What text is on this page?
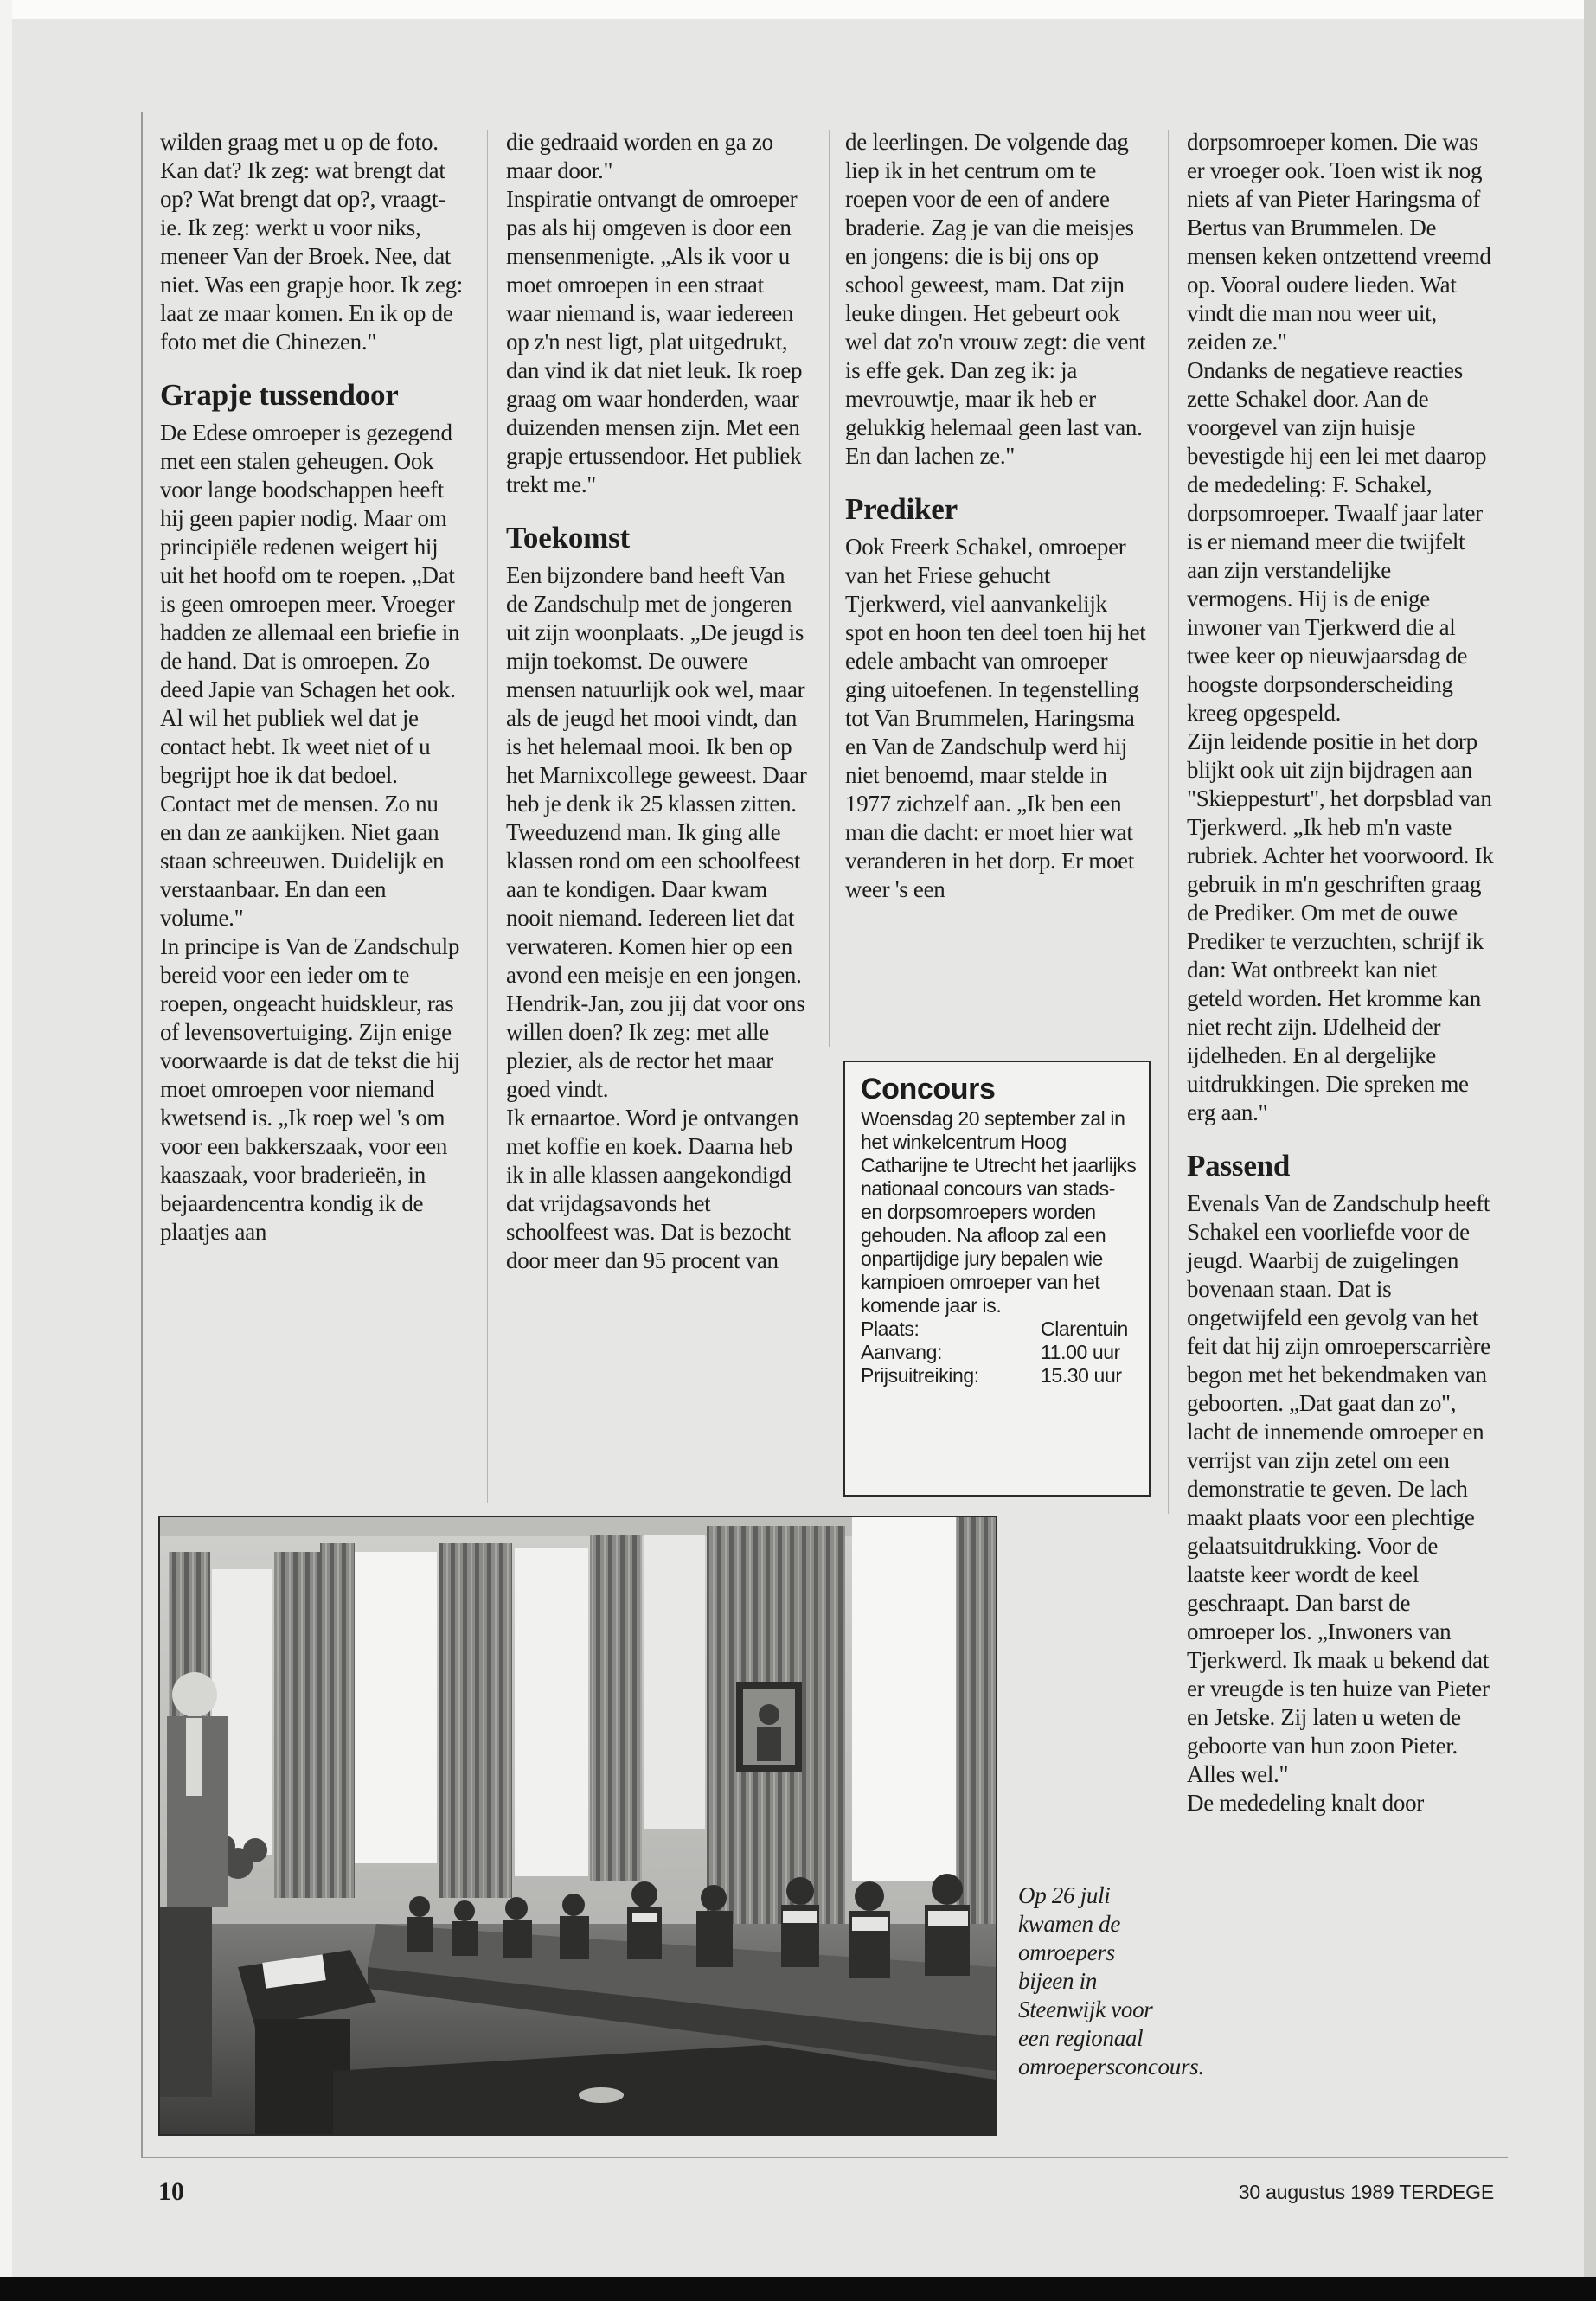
wilden graag met u op de foto. Kan dat? Ik zeg: wat brengt dat op? Wat brengt dat op?, vraagt-ie. Ik zeg: werkt u voor niks, meneer Van der Broek. Nee, dat niet. Was een grapje hoor. Ik zeg: laat ze maar komen. En ik op de foto met die Chinezen."

Grapje tussendoor

De Edese omroeper is gezegend met een stalen geheugen. Ook voor lange boodschappen heeft hij geen papier nodig. Maar om principiële redenen weigert hij uit het hoofd om te roepen. „Dat is geen omroepen meer. Vroeger hadden ze allemaal een briefie in de hand. Dat is omroepen. Zo deed Japie van Schagen het ook. Al wil het publiek wel dat je contact hebt. Ik weet niet of u begrijpt hoe ik dat bedoel. Contact met de mensen. Zo nu en dan ze aankijken. Niet gaan staan schreeuwen. Duidelijk en verstaanbaar. En dan een volume."

In principe is Van de Zandschulp bereid voor een ieder om te roepen, ongeacht huidskleur, ras of levensovertuiging. Zijn enige voorwaarde is dat de tekst die hij moet omroepen voor niemand kwetsend is. „Ik roep wel 's om voor een bakkerszaak, voor een kaaszaak, voor braderieën, in bejaardencentra kondig ik de plaatjes aan

die gedraaid worden en ga zo maar door."

Inspiratie ontvangt de omroeper pas als hij omgeven is door een mensenmenigte. „Als ik voor u moet omroepen in een straat waar niemand is, waar iedereen op z'n nest ligt, plat uitgedrukt, dan vind ik dat niet leuk. Ik roep graag om waar honderden, waar duizenden mensen zijn. Met een grapje ertussendoor. Het publiek trekt me."

Toekomst

Een bijzondere band heeft Van de Zandschulp met de jongeren uit zijn woonplaats. „De jeugd is mijn toekomst. De ouwere mensen natuurlijk ook wel, maar als de jeugd het mooi vindt, dan is het helemaal mooi. Ik ben op het Marnixcollege geweest. Daar heb je denk ik 25 klassen zitten. Tweeduzend man. Ik ging alle klassen rond om een schoolfeest aan te kondigen. Daar kwam nooit niemand. Iedereen liet dat verwateren. Komen hier op een avond een meisje en een jongen. Hendrik-Jan, zou jij dat voor ons willen doen? Ik zeg: met alle plezier, als de rector het maar goed vindt.

Ik ernaartoe. Word je ontvangen met koffie en koek. Daarna heb ik in alle klassen aangekondigd dat vrijdagsavonds het schoolfeest was. Dat is bezocht door meer dan 95 procent van

de leerlingen. De volgende dag liep ik in het centrum om te roepen voor de een of andere braderie. Zag je van die meisjes en jongens: die is bij ons op school geweest, mam. Dat zijn leuke dingen. Het gebeurt ook wel dat zo'n vrouw zegt: die vent is effe gek. Dan zeg ik: ja mevrouwtje, maar ik heb er gelukkig helemaal geen last van. En dan lachen ze."

Prediker

Ook Freerk Schakel, omroeper van het Friese gehucht Tjerkwerd, viel aanvankelijk spot en hoon ten deel toen hij het edele ambacht van omroeper ging uitoefenen. In tegenstelling tot Van Brummelen, Haringsma en Van de Zandschulp werd hij niet benoemd, maar stelde in 1977 zichzelf aan. „Ik ben een man die dacht: er moet hier wat veranderen in het dorp. Er moet weer 's een

Concours

Woensdag 20 september zal in het winkelcentrum Hoog Catharijne te Utrecht het jaarlijks nationaal concours van stads- en dorpsomroepers worden gehouden. Na afloop zal een onpartijdige jury bepalen wie kampioen omroeper van het komende jaar is.

Plaats:	Clarentuin
Aanvang:	11.00 uur
Prijsuitreiking:	15.30 uur

dorpsomroeper komen. Die was er vroeger ook. Toen wist ik nog niets af van Pieter Haringsma of Bertus van Brummelen. De mensen keken ontzettend vreemd op. Vooral oudere lieden. Wat vindt die man nou weer uit, zeiden ze."

Ondanks de negatieve reacties zette Schakel door. Aan de voorgevel van zijn huisje bevestigde hij een lei met daarop de mededeling: F. Schakel, dorpsomroeper. Twaalf jaar later is er niemand meer die twijfelt aan zijn verstandelijke vermogens. Hij is de enige inwoner van Tjerkwerd die al twee keer op nieuwjaarsdag de hoogste dorpsonderscheiding kreeg opgespeld.

Zijn leidende positie in het dorp blijkt ook uit zijn bijdragen aan "Skieppesturt", het dorpsblad van Tjerkwerd. „Ik heb m'n vaste rubriek. Achter het voorwoord. Ik gebruik in m'n geschriften graag de Prediker. Om met de ouwe Prediker te verzuchten, schrijf ik dan: Wat ontbreekt kan niet geteld worden. Het kromme kan niet recht zijn. IJdelheid der ijdelheden. En al dergelijke uitdrukkingen. Die spreken me erg aan."

Passend

Evenals Van de Zandschulp heeft Schakel een voorliefde voor de jeugd. Waarbij de zuigelingen bovenaan staan. Dat is ongetwijfeld een gevolg van het feit dat hij zijn omroeperscarrière begon met het bekendmaken van geboorten. „Dat gaat dan zo", lacht de innemende omroeper en verrijst van zijn zetel om een demonstratie te geven. De lach maakt plaats voor een plechtige gelaatsuitdrukking. Voor de laatste keer wordt de keel geschraapt. Dan barst de omroeper los. „Inwoners van Tjerkwerd. Ik maak u bekend dat er vreugde is ten huize van Pieter en Jetske. Zij laten u weten de geboorte van hun zoon Pieter. Alles wel."

De mededeling knalt door

Op 26 juli kwamen de omroepers bijeen in Steenwijk voor een regionaal omroepersconcours.
10	30 augustus 1989 TERDEGE
